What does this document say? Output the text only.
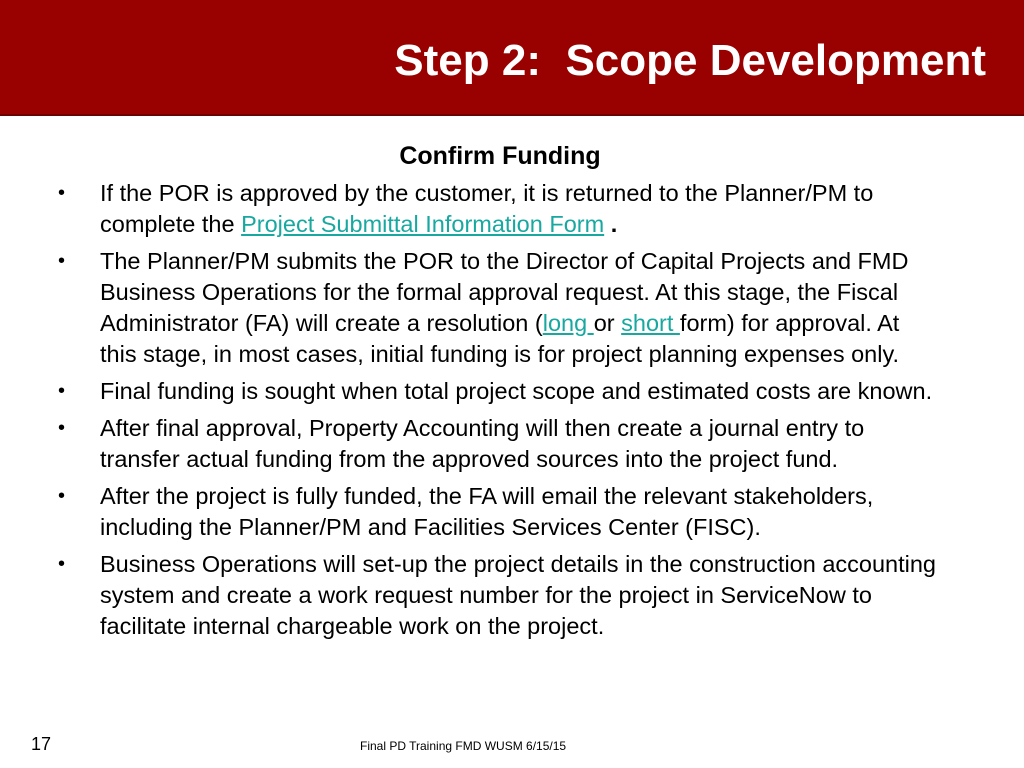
Step 2:  Scope Development
Confirm Funding
• If the POR is approved by the customer, it is returned to the Planner/PM to complete the Project Submittal Information Form .
• The Planner/PM submits the POR to the Director of Capital Projects and FMD Business Operations for the formal approval request. At this stage, the Fiscal Administrator (FA) will create a resolution (long or short form) for approval. At this stage, in most cases, initial funding is for project planning expenses only.
• Final funding is sought when total project scope and estimated costs are known.
• After final approval, Property Accounting will then create a journal entry to transfer actual funding from the approved sources into the project fund.
• After the project is fully funded, the FA will email the relevant stakeholders, including the Planner/PM and Facilities Services Center (FISC).
• Business Operations will set-up the project details in the construction accounting system and create a work request number for the project in ServiceNow to facilitate internal chargeable work on the project.
17	Final PD Training FMD WUSM 6/15/15
